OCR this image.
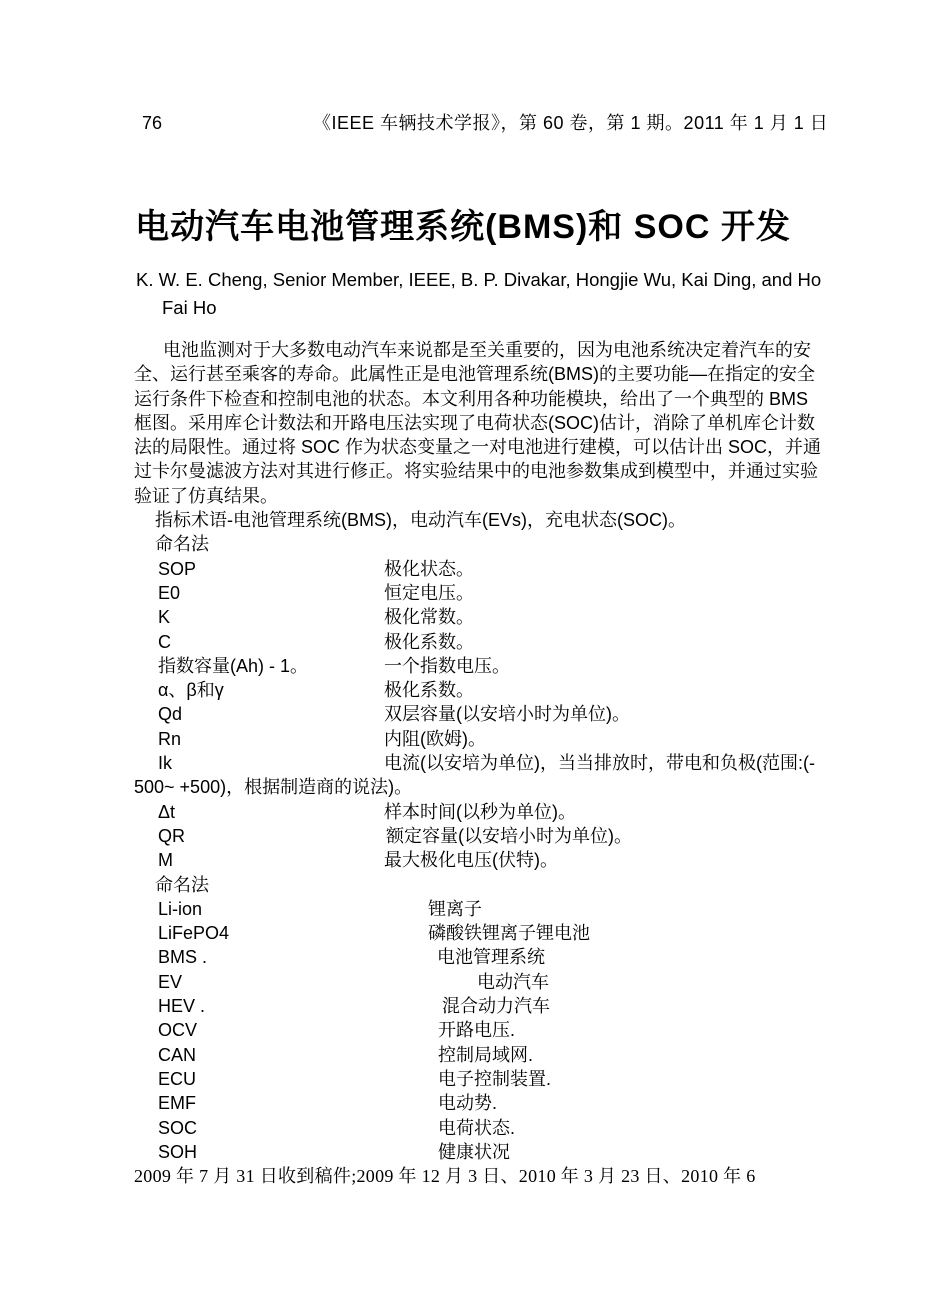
76	《IEEE 车辆技术学报》，第 60 卷，第 1 期。2011 年 1 月 1 日
电动汽车电池管理系统(BMS)和 SOC 开发
K. W. E. Cheng, Senior Member, IEEE, B. P. Divakar, Hongjie Wu, Kai Ding, and Ho
Fai Ho
电池监测对于大多数电动汽车来说都是至关重要的，因为电池系统决定着汽车的安
全、运行甚至乘客的寿命。此属性正是电池管理系统(BMS)的主要功能—在指定的安全
运行条件下检查和控制电池的状态。本文利用各种功能模块，给出了一个典型的 BMS
框图。采用库仑计数法和开路电压法实现了电荷状态(SOC)估计，消除了单机库仑计数
法的局限性。通过将 SOC 作为状态变量之一对电池进行建模，可以估计出 SOC，并通
过卡尔曼滤波方法对其进行修正。将实验结果中的电池参数集成到模型中，并通过实验
验证了仿真结果。
指标术语-电池管理系统(BMS)，电动汽车(EVs)，充电状态(SOC)。
命名法
SOP	极化状态。
E0	恒定电压。
K	极化常数。
C	极化系数。
指数容量(Ah) - 1。	一个指数电压。
α、β和γ	极化系数。
Qd	双层容量(以安培小时为单位)。
Rn	内阻(欧姆)。
Ik	电流(以安培为单位)，当当排放时，带电和负极(范围:(-
500~ +500)，根据制造商的说法)。
Δt	样本时间(以秒为单位)。
QR	额定容量(以安培小时为单位)。
M	最大极化电压(伏特)。
命名法
Li-ion	锂离子
LiFePO4	磷酸铁锂离子锂电池
BMS .	电池管理系统
EV	电动汽车
HEV .	混合动力汽车
OCV	开路电压.
CAN	控制局域网.
ECU	电子控制装置.
EMF	电动势.
SOC	电荷状态.
SOH	健康状况
2009 年 7 月 31 日收到稿件;2009 年 12 月 3 日、2010 年 3 月 23 日、2010 年 6
